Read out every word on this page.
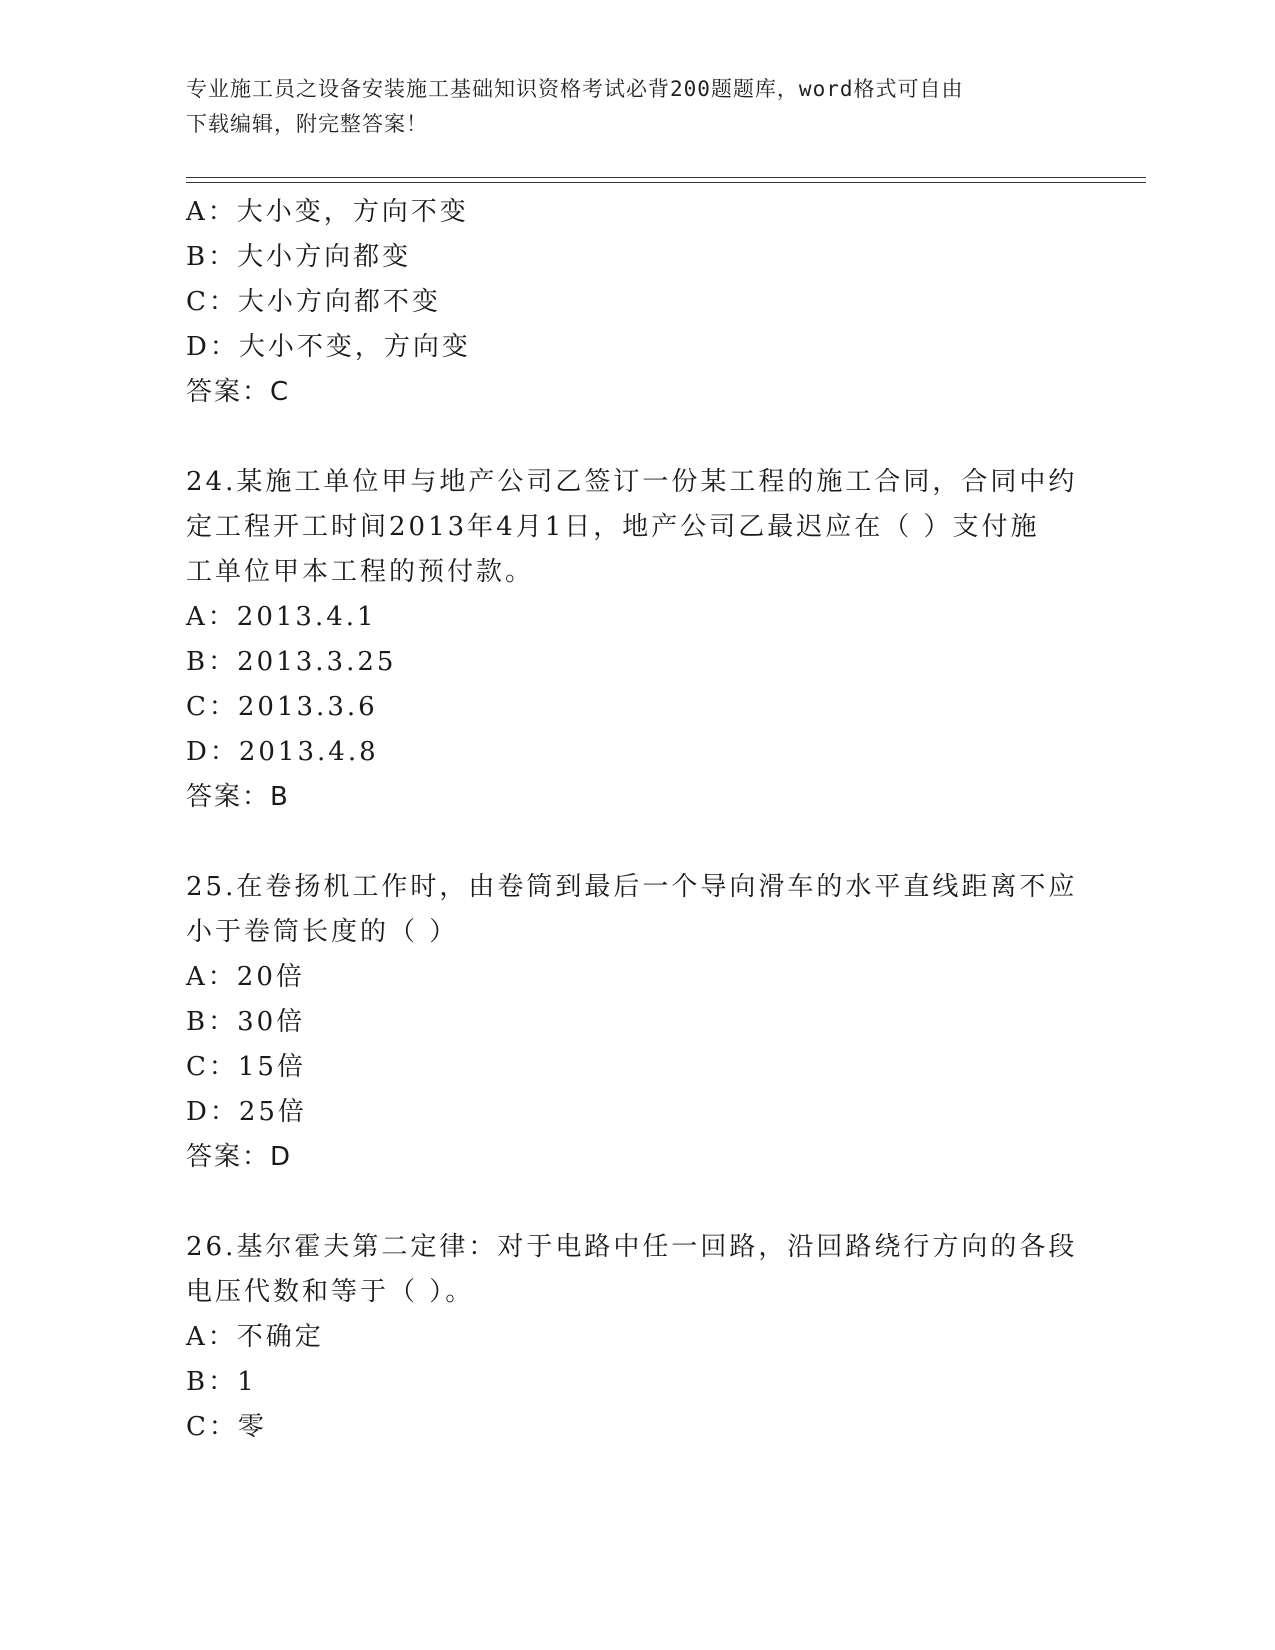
专业施工员之设备安装施工基础知识资格考试必背200题题库，word格式可自由
下载编辑，附完整答案！
A：大小变，方向不变
B：大小方向都变
C：大小方向都不变
D：大小不变，方向变
答案：C
24.某施工单位甲与地产公司乙签订一份某工程的施工合同，合同中约
定工程开工时间2013年4月1日，地产公司乙最迟应在（ ）支付施
工单位甲本工程的预付款。
A：2013.4.1
B：2013.3.25
C：2013.3.6
D：2013.4.8
答案：B
25.在卷扬机工作时，由卷筒到最后一个导向滑车的水平直线距离不应
小于卷筒长度的（ ）
A：20倍
B：30倍
C：15倍
D：25倍
答案：D
26.基尔霍夫第二定律：对于电路中任一回路，沿回路绕行方向的各段
电压代数和等于（ ）。
A：不确定
B：1
C：零
